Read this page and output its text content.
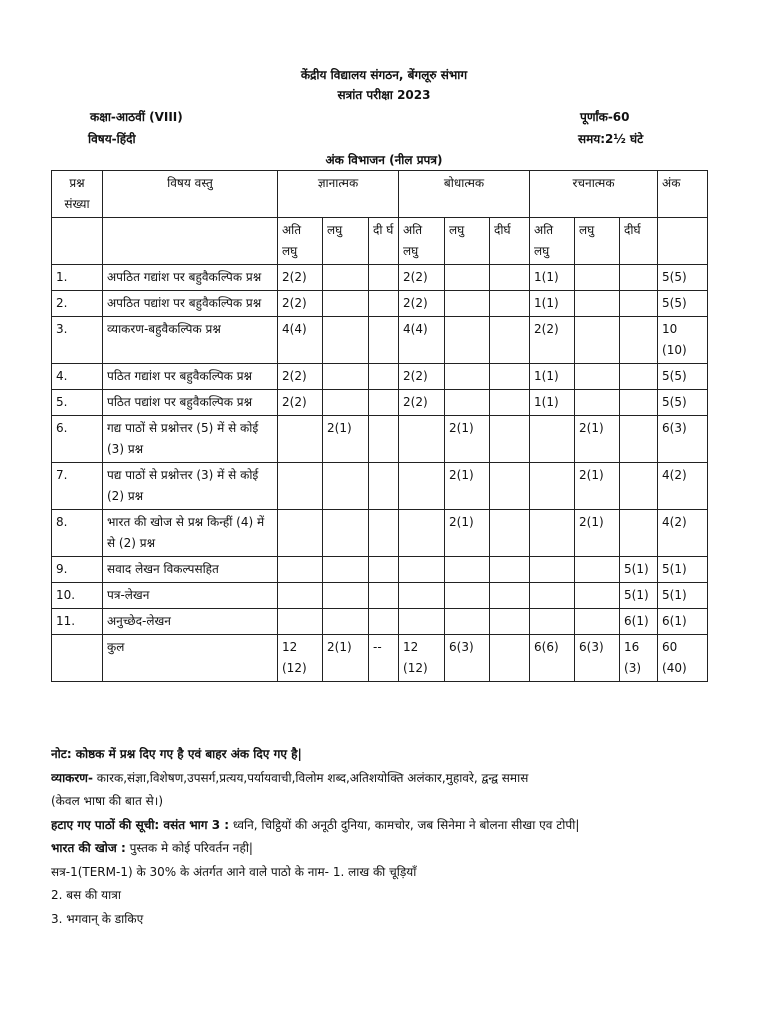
केंद्रीय विद्यालय संगठन, बेंगलूरु संभाग
सत्रांत परीक्षा 2023
कक्षा-आठवीं (VIII)	पूर्णांक-60
विषय-हिंदी	समय:2½ घंटे
अंक विभाजन (नील प्रपत्र)
प्रश्न संख्या	विषय वस्तु	ज्ञानात्मक			बोधात्मक			रचनात्मक			अंक
		अति लघु	लघु	दी र्घ	अति लघु	लघु	दीर्घ	अति लघु	लघु	दीर्घ	
1.	अपठित गद्यांश पर बहुवैकल्पिक प्रश्न	2(2)			2(2)			1(1)			5(5)
2.	अपठित पद्यांश पर बहुवैकल्पिक प्रश्न	2(2)			2(2)			1(1)			5(5)
3.	व्याकरण-बहुवैकल्पिक प्रश्न	4(4)			4(4)			2(2)			10 (10)
4.	पठित गद्यांश पर बहुवैकल्पिक प्रश्न	2(2)			2(2)			1(1)			5(5)
5.	पठित पद्यांश पर बहुवैकल्पिक प्रश्न	2(2)			2(2)			1(1)			5(5)
6.	गद्य पाठों से प्रश्नोत्तर (5) में से कोई (3) प्रश्न		2(1)			2(1)			2(1)		6(3)
7.	पद्य पाठों से प्रश्नोत्तर (3) में से कोई (2) प्रश्न					2(1)			2(1)		4(2)
8.	भारत की खोज से प्रश्न किन्हीं (4) में से (2) प्रश्न					2(1)			2(1)		4(2)
9.	सवाद लेखन विकल्पसहित									5(1)	5(1)
10.	पत्र-लेखन									5(1)	5(1)
11.	अनुच्छेद-लेखन									6(1)	6(1)
	कुल	12 (12)	2(1)	--	12 (12)	6(3)		6(6)	6(3)	16 (3)	60 (40)
नोट: कोष्ठक में प्रश्न दिए गए है एवं बाहर अंक दिए गए है|
व्याकरण- कारक,संज्ञा,विशेषण,उपसर्ग,प्रत्यय,पर्यायवाची,विलोम शब्द,अतिशयोक्ति अलंकार,मुहावरे, द्वन्द्व समास
(केवल भाषा की बात से।)
हटाए गए पाठों की सूची: वसंत भाग 3 : ध्वनि, चिट्ठियों की अनूठी दुनिया, कामचोर, जब सिनेमा ने बोलना सीखा एव टोपी|
भारत की खोज : पुस्तक मे कोई परिवर्तन नही|
सत्र-1(TERM-1) के 30% के अंतर्गत आने वाले पाठो के नाम- 1. लाख की चूड़ियाँ
2. बस की यात्रा
3. भगवान् के डाकिए
